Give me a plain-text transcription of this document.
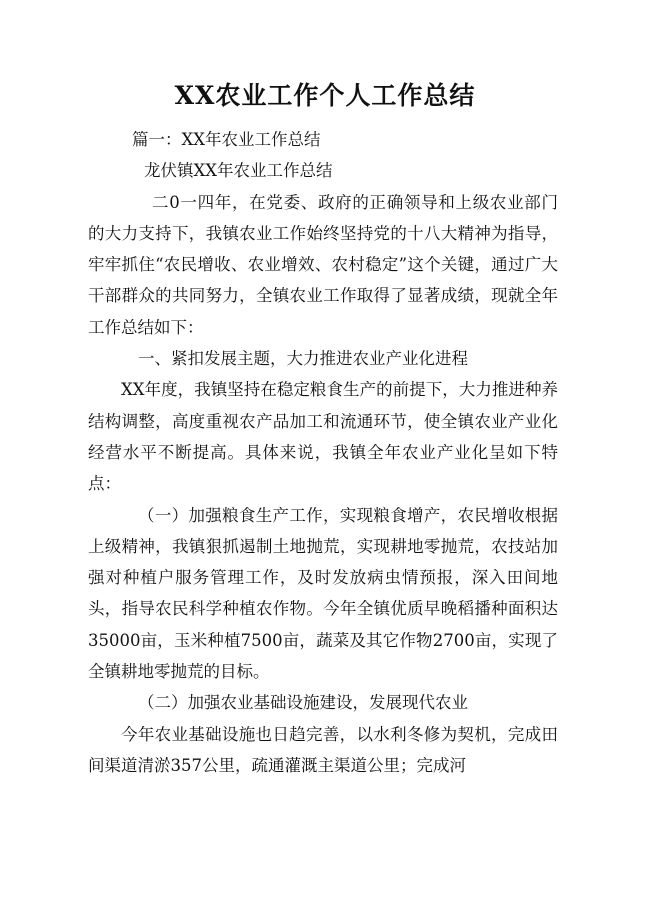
XX农业工作个人工作总结

篇一：XX年农业工作总结

龙伏镇XX年农业工作总结

二0一四年，在党委、政府的正确领导和上级农业部门的大力支持下，我镇农业工作始终坚持党的十八大精神为指导，牢牢抓住“农民增收、农业增效、农村稳定”这个关键，通过广大干部群众的共同努力，全镇农业工作取得了显著成绩，现就全年工作总结如下：

一、紧扣发展主题，大力推进农业产业化进程

XX年度，我镇坚持在稳定粮食生产的前提下，大力推进种养结构调整，高度重视农产品加工和流通环节，使全镇农业产业化经营水平不断提高。具体来说，我镇全年农业产业化呈如下特点：

（一）加强粮食生产工作，实现粮食增产，农民增收根据上级精神，我镇狠抓遏制土地抛荒，实现耕地零抛荒，农技站加强对种植户服务管理工作，及时发放病虫情预报，深入田间地头，指导农民科学种植农作物。今年全镇优质早晚稻播种面积达35000亩，玉米种植7500亩，蔬菜及其它作物2700亩，实现了全镇耕地零抛荒的目标。

（二）加强农业基础设施建设，发展现代农业

今年农业基础设施也日趋完善，以水利冬修为契机，完成田间渠道清淤357公里，疏通灌溉主渠道公里；完成河
